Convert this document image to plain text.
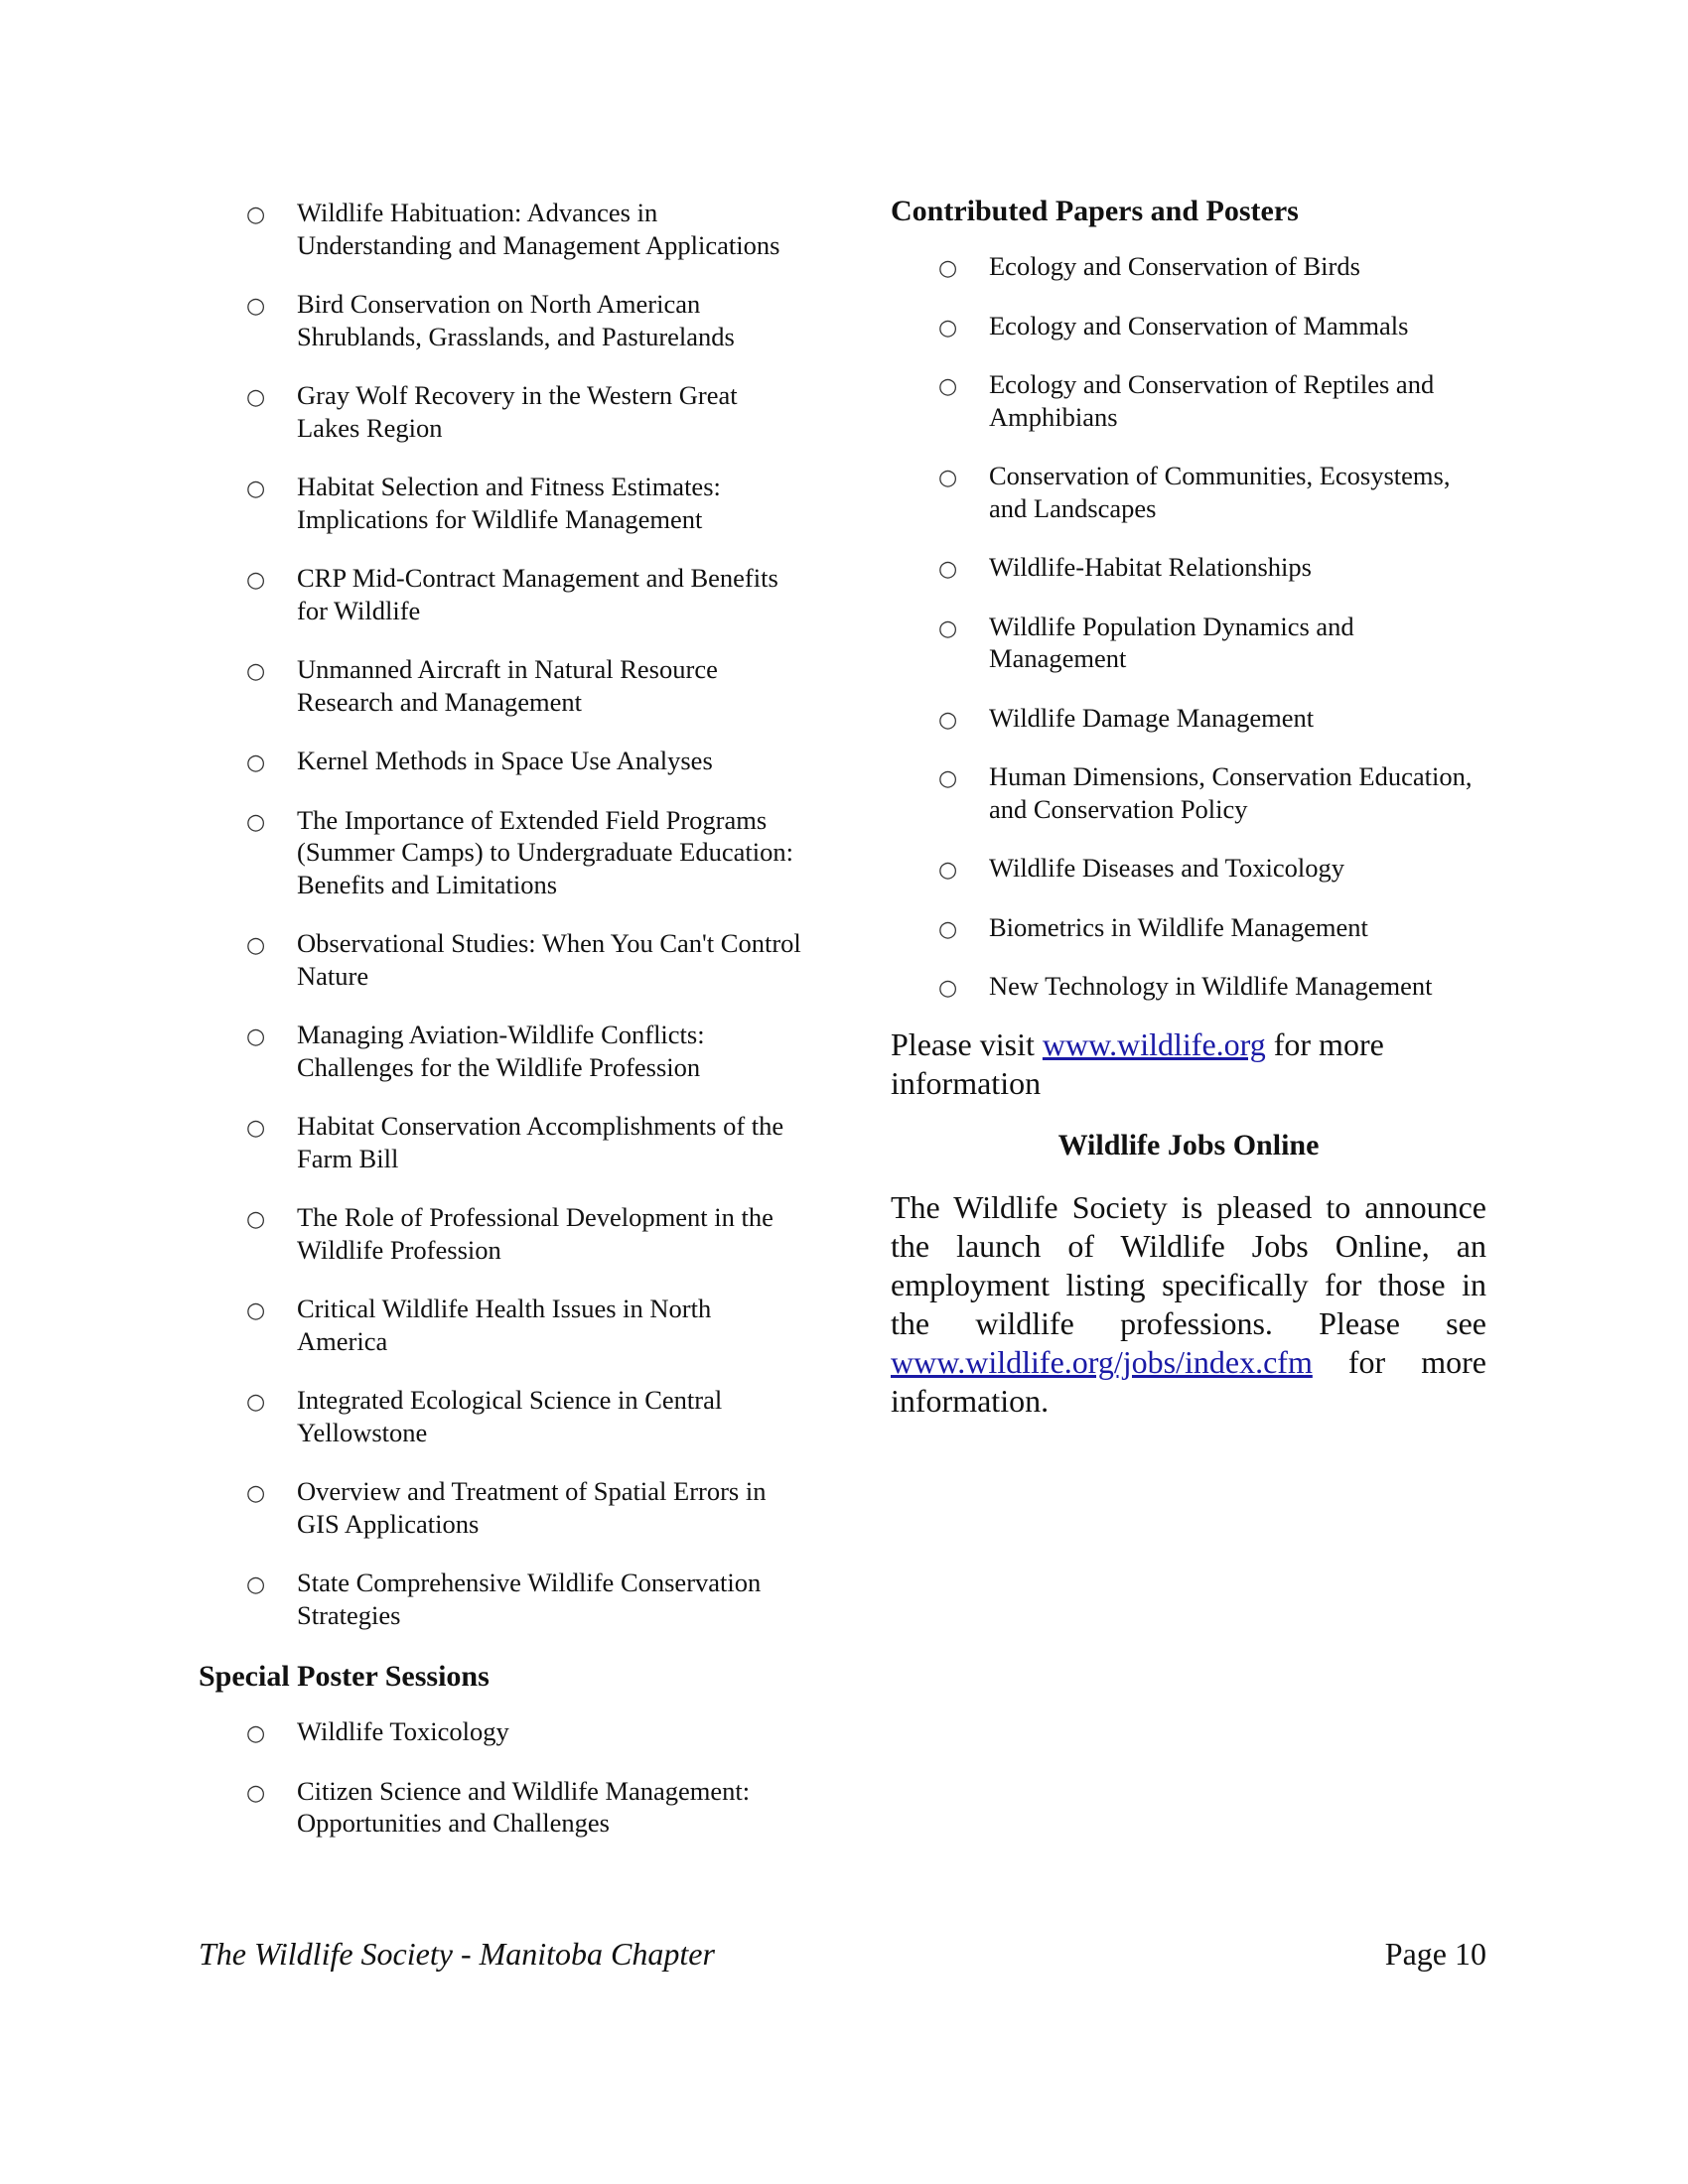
○ Wildlife Habituation: Advances in Understanding and Management Applications
○ Bird Conservation on North American Shrublands, Grasslands, and Pasturelands
○ Gray Wolf Recovery in the Western Great Lakes Region
○ Habitat Selection and Fitness Estimates: Implications for Wildlife Management
○ CRP Mid-Contract Management and Benefits for Wildlife
○ Unmanned Aircraft in Natural Resource Research and Management
○ Kernel Methods in Space Use Analyses
○ The Importance of Extended Field Programs (Summer Camps) to Undergraduate Education: Benefits and Limitations
○ Observational Studies: When You Can't Control Nature
○ Managing Aviation-Wildlife Conflicts: Challenges for the Wildlife Profession
○ Habitat Conservation Accomplishments of the Farm Bill
○ The Role of Professional Development in the Wildlife Profession
○ Critical Wildlife Health Issues in North America
○ Integrated Ecological Science in Central Yellowstone
○ Overview and Treatment of Spatial Errors in GIS Applications
○ State Comprehensive Wildlife Conservation Strategies
Special Poster Sessions
○ Wildlife Toxicology
○ Citizen Science and Wildlife Management: Opportunities and Challenges
Contributed Papers and Posters
○ Ecology and Conservation of Birds
○ Ecology and Conservation of Mammals
○ Ecology and Conservation of Reptiles and Amphibians
○ Conservation of Communities, Ecosystems, and Landscapes
○ Wildlife-Habitat Relationships
○ Wildlife Population Dynamics and Management
○ Wildlife Damage Management
○ Human Dimensions, Conservation Education, and Conservation Policy
○ Wildlife Diseases and Toxicology
○ Biometrics in Wildlife Management
○ New Technology in Wildlife Management

Please visit www.wildlife.org for more information

Wildlife Jobs Online

The Wildlife Society is pleased to announce the launch of Wildlife Jobs Online, an employment listing specifically for those in the wildlife professions. Please see www.wildlife.org/jobs/index.cfm for more information.

The Wildlife Society - Manitoba Chapter	Page 10
